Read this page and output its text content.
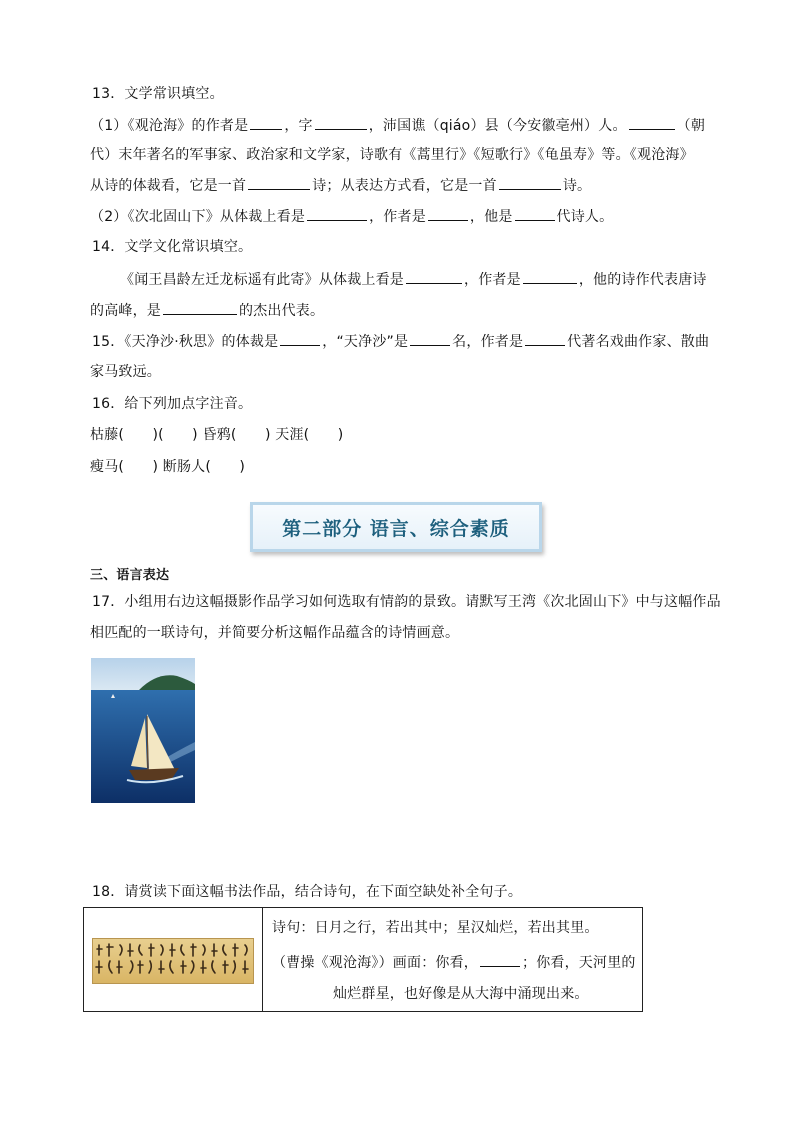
13．文学常识填空。
（1）《观沧海》的作者是	，字	，沛国谯（qiáo）县（今安徽亳州）人。	（朝
代）末年著名的军事家、政治家和文学家，诗歌有《蒿里行》《短歌行》《龟虽寿》等。《观沧海》
从诗的体裁看，它是一首	诗；从表达方式看，它是一首	诗。
（2）《次北固山下》从体裁上看是	，作者是	，他是	代诗人。
14．文学文化常识填空。
《闻王昌龄左迁龙标遥有此寄》从体裁上看是	，作者是	，他的诗作代表唐诗
的高峰，是	的杰出代表。
15．《天净沙·秋思》的体裁是	，“天净沙”是	名，作者是	代著名戏曲作家、散曲
家马致远。
16．给下列加点字注音。
枯藤(　　)(　　) 昏鸦(　　) 天涯(　　)
瘦马(　　) 断肠人(　　)
第二部分 语言、综合素质
三、语言表达
17．小组用右边这幅摄影作品学习如何选取有情韵的景致。请默写王湾《次北固山下》中与这幅作品
相匹配的一联诗句，并简要分析这幅作品蕴含的诗情画意。
18．请赏读下面这幅书法作品，结合诗句，在下面空缺处补全句子。
诗句：日月之行，若出其中；星汉灿烂，若出其里。
（曹操《观沧海》）画面：你看，	；你看，天河里的
灿烂群星，也好像是从大海中涌现出来。
